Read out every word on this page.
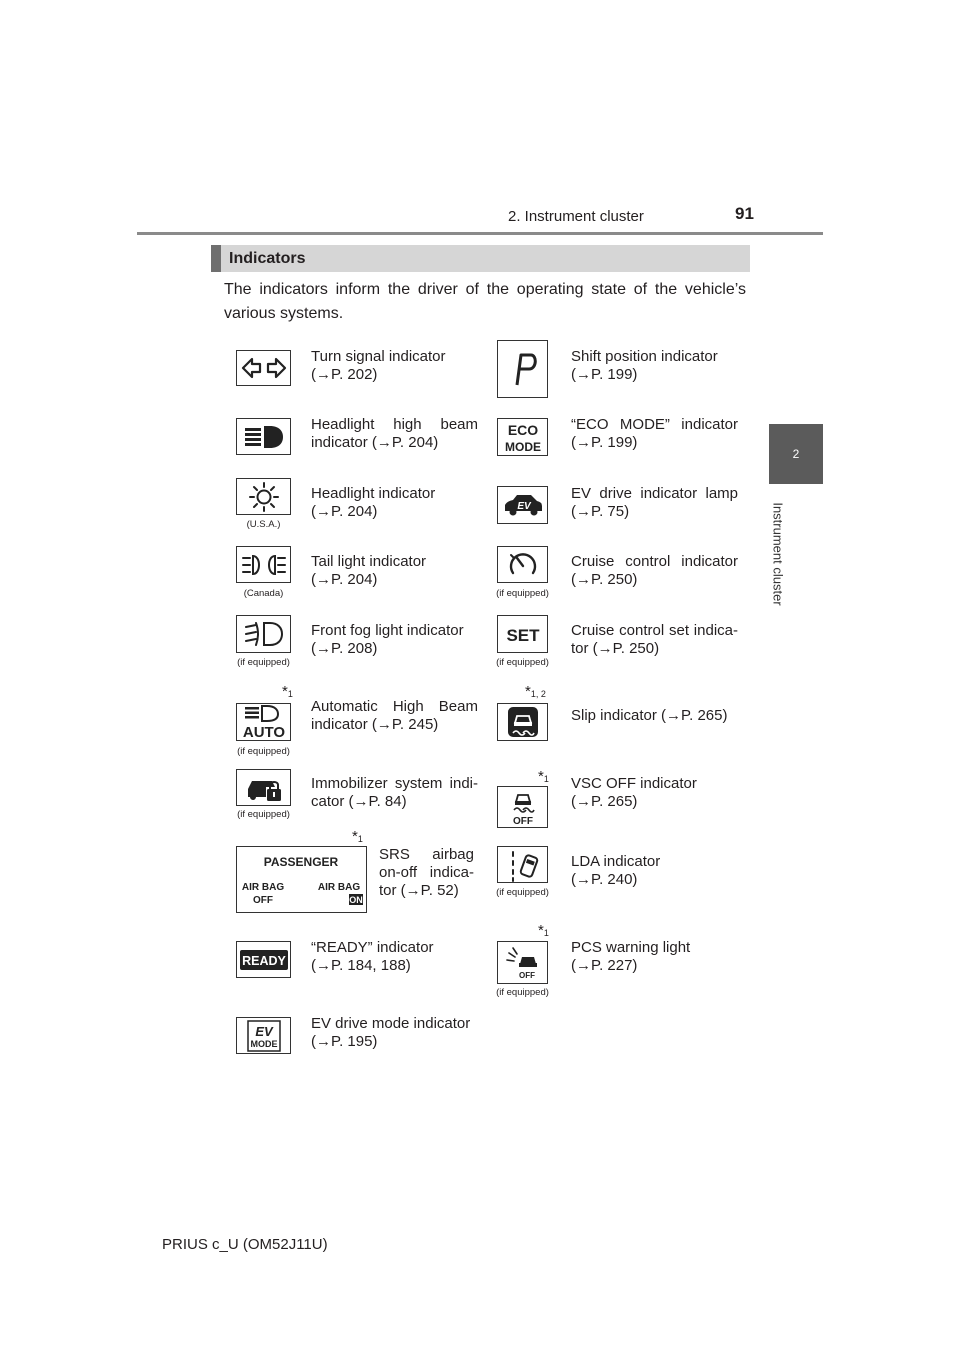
2. Instrument cluster	91
2
Instrument cluster
Indicators
The indicators inform the driver of the operating state of the vehicle’s various systems.
Turn signal indicator
(→P. 202)
Headlight high beam
indicator (→P. 204)
(U.S.A.)
Headlight indicator
(→P. 204)
(Canada)
Tail light indicator
(→P. 204)
(if equipped)
Front fog light indicator
(→P. 208)
$*_1$
AUTO
(if equipped)
Automatic High Beam
indicator (→P. 245)
(if equipped)
Immobilizer system indi-
cator (→P. 84)
$*_1$
PASSENGER
AIR BAG
OFF
AIR BAG
ON
SRS airbag
on-off indica-
tor (→P. 52)
READY
“READY” indicator
(→P. 184, 188)
EV
MODE
EV drive mode indicator
(→P. 195)
P
Shift position indicator
(→P. 199)
ECO
MODE
“ECO MODE” indicator
(→P. 199)
EV
EV drive indicator lamp
(→P. 75)
(if equipped)
Cruise control indicator
(→P. 250)
SET
(if equipped)
Cruise control set indica-
tor (→P. 250)
$*_{1, 2}$
Slip indicator (→P. 265)
$*_1$
OFF
VSC OFF indicator
(→P. 265)
(if equipped)
LDA indicator
(→P. 240)
$*_1$
OFF
(if equipped)
PCS warning light
(→P. 227)
PRIUS c_U (OM52J11U)
